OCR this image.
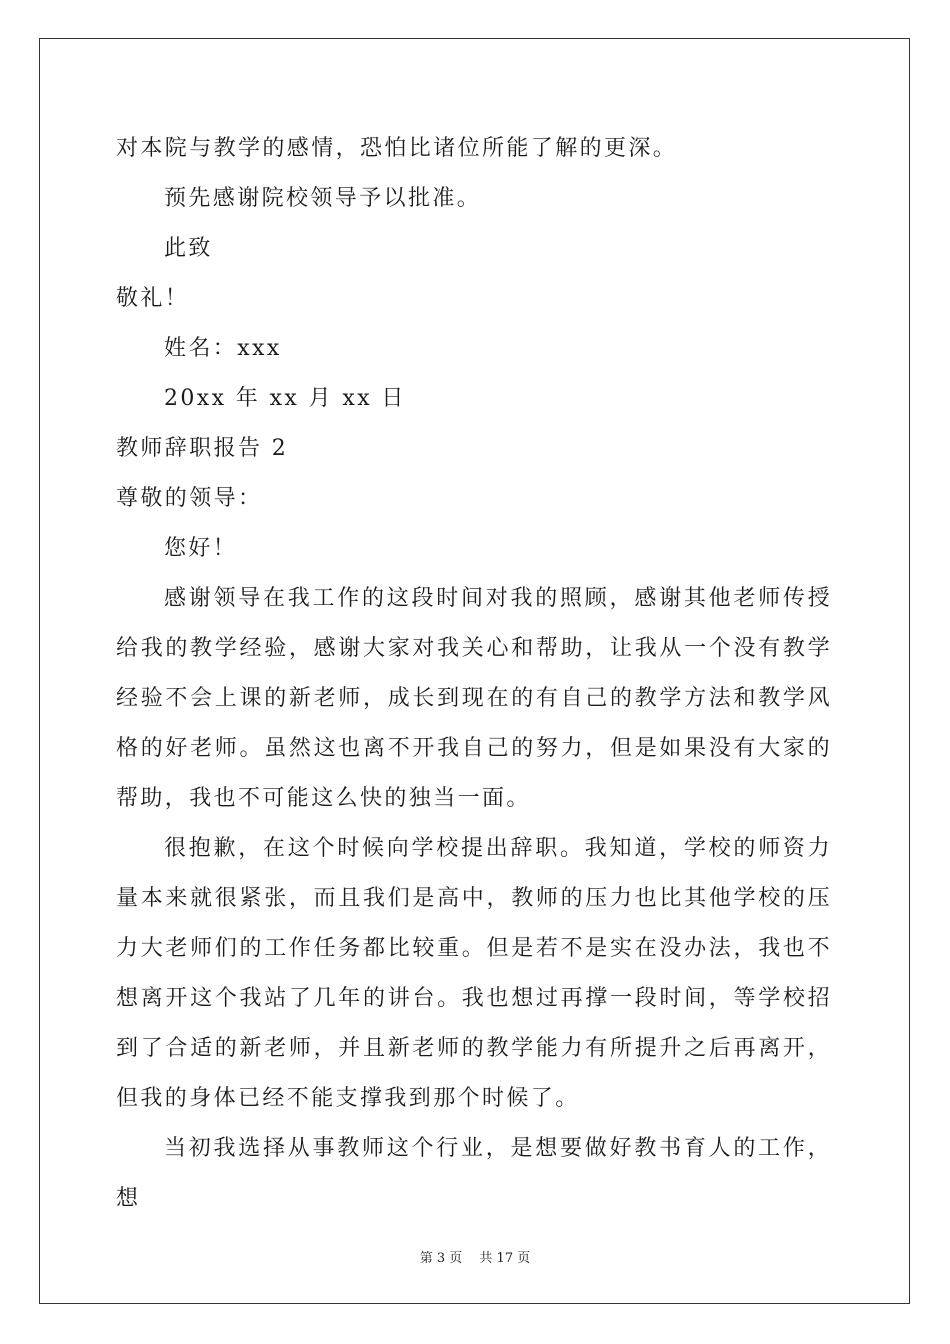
对本院与教学的感情，恐怕比诸位所能了解的更深。
预先感谢院校领导予以批准。
此致
敬礼！
姓名：xxx
20xx 年 xx 月 xx 日
教师辞职报告 2
尊敬的领导：
您好！
感谢领导在我工作的这段时间对我的照顾，感谢其他老师传授给我的教学经验，感谢大家对我关心和帮助，让我从一个没有教学经验不会上课的新老师，成长到现在的有自己的教学方法和教学风格的好老师。虽然这也离不开我自己的努力，但是如果没有大家的帮助，我也不可能这么快的独当一面。
很抱歉，在这个时候向学校提出辞职。我知道，学校的师资力量本来就很紧张，而且我们是高中，教师的压力也比其他学校的压力大老师们的工作任务都比较重。但是若不是实在没办法，我也不想离开这个我站了几年的讲台。我也想过再撑一段时间，等学校招到了合适的新老师，并且新老师的教学能力有所提升之后再离开，但我的身体已经不能支撑我到那个时候了。
当初我选择从事教师这个行业，是想要做好教书育人的工作，想
第 3 页　 共 17 页
